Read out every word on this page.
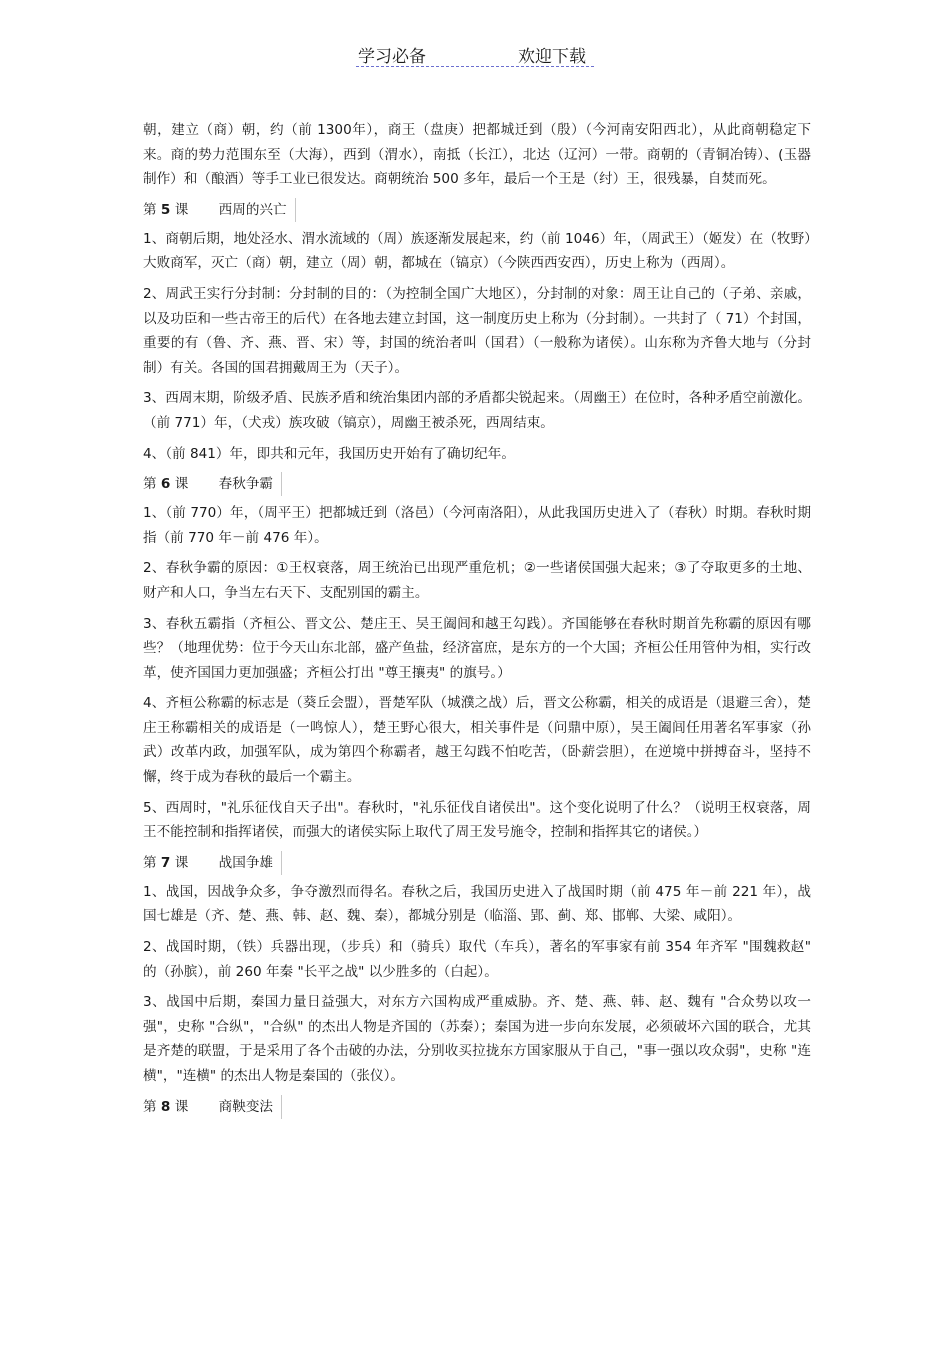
学习必备	欢迎下载

朝，建立（商）朝，约（前 1300年），商王（盘庚）把都城迁到（殷）（今河南安阳西北），从此商朝稳定下来。商的势力范围东至（大海），西到（渭水），南抵（长江），北达（辽河）一带。商朝的（青铜冶铸）、(玉器制作）和（酿酒）等手工业已很发达。商朝统治 500 多年，最后一个王是（纣）王，很残暴，自焚而死。

第 5 课 西周的兴亡

1、商朝后期，地处泾水、渭水流域的（周）族逐渐发展起来，约（前 1046）年，（周武王）（姬发）在（牧野）大败商军，灭亡（商）朝，建立（周）朝，都城在（镐京）（今陕西西安西），历史上称为（西周）。

2、周武王实行分封制：分封制的目的：（为控制全国广大地区），分封制的对象：周王让自己的（子弟、亲戚，以及功臣和一些古帝王的后代）在各地去建立封国，这一制度历史上称为（分封制）。一共封了（ 71）个封国，重要的有（鲁、齐、燕、晋、宋）等，封国的统治者叫（国君）（一般称为诸侯）。山东称为齐鲁大地与（分封制）有关。各国的国君拥戴周王为（天子）。

3、西周末期，阶级矛盾、民族矛盾和统治集团内部的矛盾都尖锐起来。（周幽王）在位时，各种矛盾空前激化。（前 771）年，（犬戎）族攻破（镐京），周幽王被杀死，西周结束。

4、（前 841）年，即共和元年，我国历史开始有了确切纪年。

第 6 课 春秋争霸

1、（前 770）年，（周平王）把都城迁到（洛邑）（今河南洛阳），从此我国历史进入了（春秋）时期。春秋时期指（前 770 年－前 476 年）。

2、春秋争霸的原因：①王权衰落，周王统治已出现严重危机；②一些诸侯国强大起来；③了夺取更多的土地、财产和人口，争当左右天下、支配别国的霸主。

3、春秋五霸指（齐桓公、晋文公、楚庄王、吴王阖闾和越王勾践）。齐国能够在春秋时期首先称霸的原因有哪些？（地理优势：位于今天山东北部，盛产鱼盐，经济富庶，是东方的一个大国；齐桓公任用管仲为相，实行改革，使齐国国力更加强盛；齐桓公打出 "尊王攘夷" 的旗号。）

4、齐桓公称霸的标志是（葵丘会盟），晋楚军队（城濮之战）后，晋文公称霸，相关的成语是（退避三舍），楚庄王称霸相关的成语是（一鸣惊人），楚王野心很大，相关事件是（问鼎中原），吴王阖闾任用著名军事家（孙武）改革内政，加强军队，成为第四个称霸者，越王勾践不怕吃苦，（卧薪尝胆），在逆境中拼搏奋斗，坚持不懈，终于成为春秋的最后一个霸主。

5、西周时，"礼乐征伐自天子出"。春秋时，"礼乐征伐自诸侯出"。这个变化说明了什么？（说明王权衰落，周王不能控制和指挥诸侯，而强大的诸侯实际上取代了周王发号施令，控制和指挥其它的诸侯。）

第 7 课 战国争雄

1、战国，因战争众多，争夺激烈而得名。春秋之后，我国历史进入了战国时期（前 475 年－前 221 年），战国七雄是（齐、楚、燕、韩、赵、魏、秦），都城分别是（临淄、郢、蓟、郑、邯郸、大梁、咸阳）。

2、战国时期，（铁）兵器出现，（步兵）和（骑兵）取代（车兵），著名的军事家有前 354 年齐军 "围魏救赵" 的（孙膑），前 260 年秦 "长平之战" 以少胜多的（白起）。

3、战国中后期，秦国力量日益强大，对东方六国构成严重威胁。齐、楚、燕、韩、赵、魏有 "合众势以攻一强"，史称 "合纵"，"合纵" 的杰出人物是齐国的（苏秦）；秦国为进一步向东发展，必须破坏六国的联合，尤其是齐楚的联盟，于是采用了各个击破的办法，分别收买拉拢东方国家服从于自己，"事一强以攻众弱"，史称 "连横"，"连横" 的杰出人物是秦国的（张仪）。

第 8 课 商鞅变法
